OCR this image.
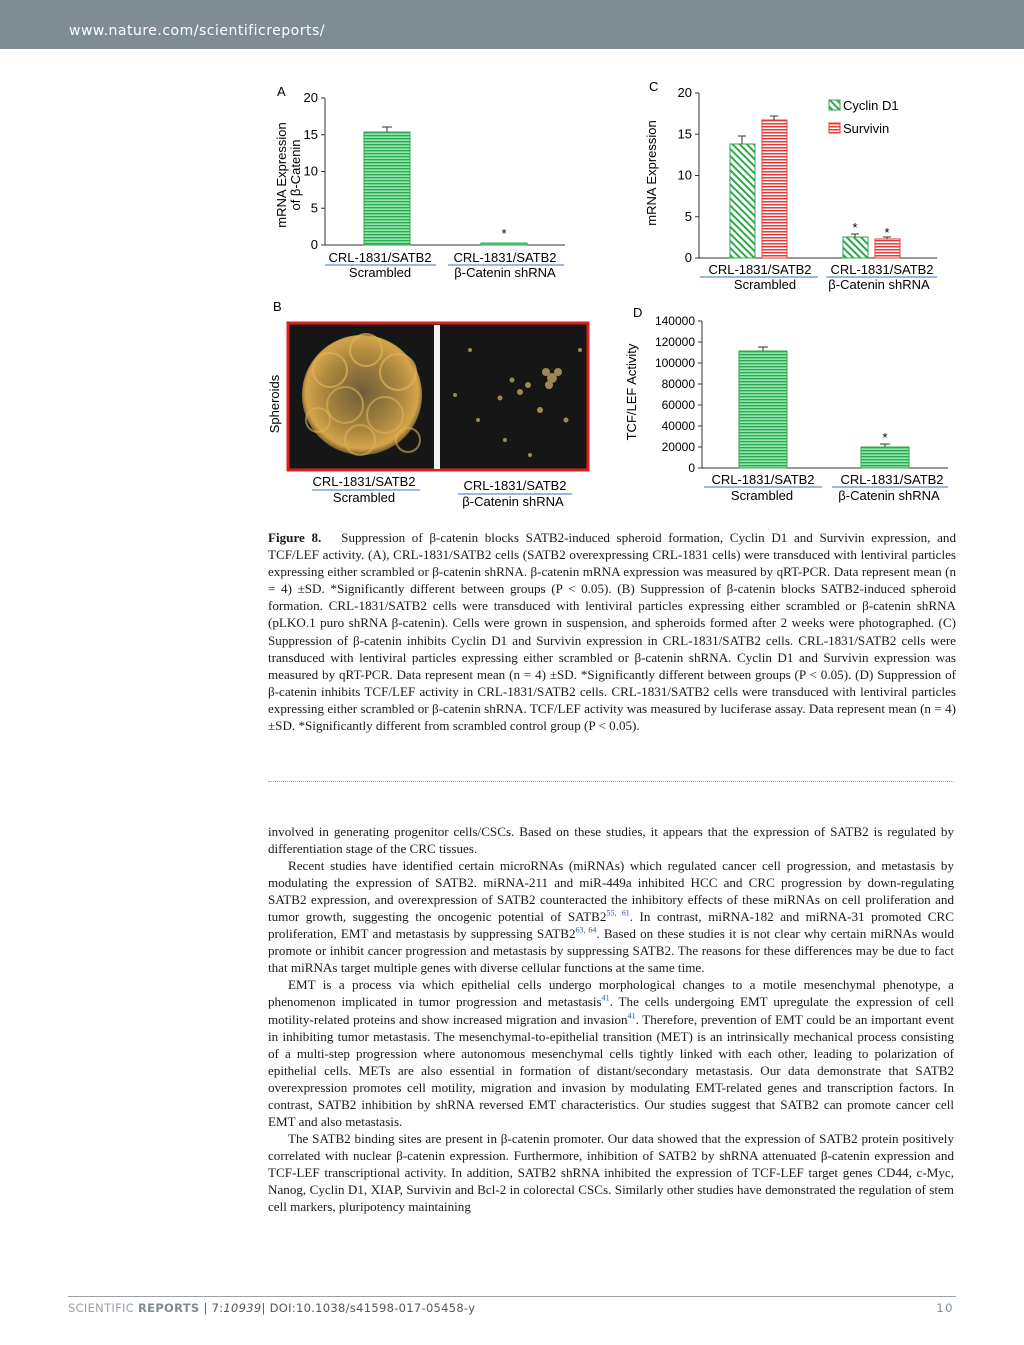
www.nature.com/scientificreports/
A
mRNA Expression of β-Catenin
20
15
10
5
0
*
CRL-1831/SATB2
Scrambled
CRL-1831/SATB2
β-Catenin shRNA
C
mRNA Expression
20
15
10
5
0
Cyclin D1
Survivin
* *
CRL-1831/SATB2
Scrambled
CRL-1831/SATB2
β-Catenin shRNA
B
Spheroids
CRL-1831/SATB2
Scrambled
CRL-1831/SATB2
β-Catenin shRNA
D
TCF/LEF Activity
140000
120000
100000
80000
60000
40000
20000
0
*
CRL-1831/SATB2
Scrambled
CRL-1831/SATB2
β-Catenin shRNA

Figure 8. Suppression of β-catenin blocks SATB2-induced spheroid formation, Cyclin D1 and Survivin expression, and TCF/LEF activity. (A), CRL-1831/SATB2 cells (SATB2 overexpressing CRL-1831 cells) were transduced with lentiviral particles expressing either scrambled or β-catenin shRNA. β-catenin mRNA expression was measured by qRT-PCR. Data represent mean (n = 4) ±SD. *Significantly different between groups (P < 0.05). (B) Suppression of β-catenin blocks SATB2-induced spheroid formation. CRL-1831/SATB2 cells were transduced with lentiviral particles expressing either scrambled or β-catenin shRNA (pLKO.1 puro shRNA β-catenin). Cells were grown in suspension, and spheroids formed after 2 weeks were photographed. (C) Suppression of β-catenin inhibits Cyclin D1 and Survivin expression in CRL-1831/SATB2 cells. CRL-1831/SATB2 cells were transduced with lentiviral particles expressing either scrambled or β-catenin shRNA. Cyclin D1 and Survivin expression was measured by qRT-PCR. Data represent mean (n = 4) ±SD. *Significantly different between groups (P < 0.05). (D) Suppression of β-catenin inhibits TCF/LEF activity in CRL-1831/SATB2 cells. CRL-1831/SATB2 cells were transduced with lentiviral particles expressing either scrambled or β-catenin shRNA. TCF/LEF activity was measured by luciferase assay. Data represent mean (n = 4) ±SD. *Significantly different from scrambled control group (P < 0.05).

involved in generating progenitor cells/CSCs. Based on these studies, it appears that the expression of SATB2 is regulated by differentiation stage of the CRC tissues.

Recent studies have identified certain microRNAs (miRNAs) which regulated cancer cell progression, and metastasis by modulating the expression of SATB2. miRNA-211 and miR-449a inhibited HCC and CRC progression by down-regulating SATB2 expression, and overexpression of SATB2 counteracted the inhibitory effects of these miRNAs on cell proliferation and tumor growth, suggesting the oncogenic potential of SATB2$^{55, 61}$. In contrast, miRNA-182 and miRNA-31 promoted CRC proliferation, EMT and metastasis by suppressing SATB2$^{63, 64}$. Based on these studies it is not clear why certain miRNAs would promote or inhibit cancer progression and metastasis by suppressing SATB2. The reasons for these differences may be due to fact that miRNAs target multiple genes with diverse cellular functions at the same time.

EMT is a process via which epithelial cells undergo morphological changes to a motile mesenchymal phenotype, a phenomenon implicated in tumor progression and metastasis$^{41}$. The cells undergoing EMT upregulate the expression of cell motility-related proteins and show increased migration and invasion$^{41}$. Therefore, prevention of EMT could be an important event in inhibiting tumor metastasis. The mesenchymal-to-epithelial transition (MET) is an intrinsically mechanical process consisting of a multi-step progression where autonomous mesenchymal cells tightly linked with each other, leading to polarization of epithelial cells. METs are also essential in formation of distant/secondary metastasis. Our data demonstrate that SATB2 overexpression promotes cell motility, migration and invasion by modulating EMT-related genes and transcription factors. In contrast, SATB2 inhibition by shRNA reversed EMT characteristics. Our studies suggest that SATB2 can promote cancer cell EMT and also metastasis.

The SATB2 binding sites are present in β-catenin promoter. Our data showed that the expression of SATB2 protein positively correlated with nuclear β-catenin expression. Furthermore, inhibition of SATB2 by shRNA attenuated β-catenin expression and TCF-LEF transcriptional activity. In addition, SATB2 shRNA inhibited the expression of TCF-LEF target genes CD44, c-Myc, Nanog, Cyclin D1, XIAP, Survivin and Bcl-2 in colorectal CSCs. Similarly other studies have demonstrated the regulation of stem cell markers, pluripotency maintaining

SCIENTIFIC REPORTS | 7:10939| DOI:10.1038/s41598-017-05458-y	10
